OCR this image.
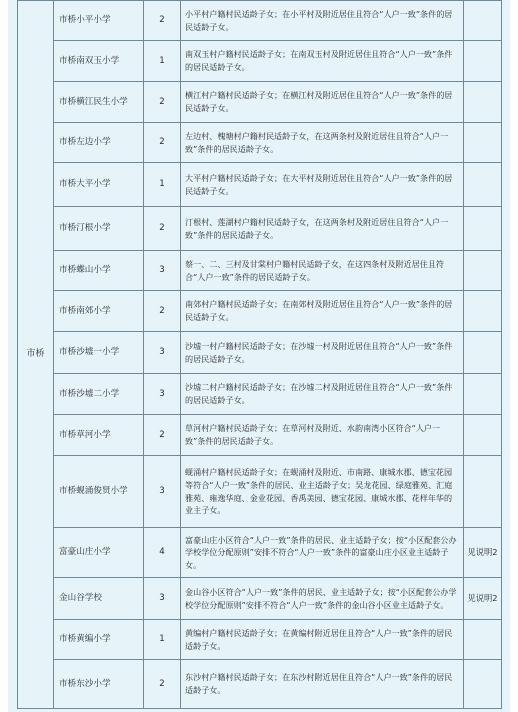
市桥	市桥小平小学	2	小平村户籍村民适龄子女；在小平村及附近居住且符合“人户一致”条件的居民适龄子女。	
	市桥南双玉小学	1	南双玉村户籍村民适龄子女；在南双玉村及附近居住且符合“人户一致”条件的居民适龄子女。	
	市桥横江民生小学	2	横江村户籍村民适龄子女；在横江村及附近居住且符合“人户一致”条件的居民适龄子女。	
	市桥左边小学	2	左边村、槐塘村户籍村民适龄子女，在这两条村及附近居住且符合“人户一致”条件的居民适龄子女。	
	市桥大平小学	1	大平村户籍村民适龄子女；在大平村及附近居住且符合“人户一致”条件的居民适龄子女。	
	市桥汀根小学	2	汀根村、莲湖村户籍村民适龄子女，在这两条村及附近居住且符合“人户一致”条件的居民适龄子女。	
	市桥蝶山小学	3	蔡一、二、三村及甘棠村户籍村民适龄子女，在这四条村及附近居住且符合“人户一致”条件的居民适龄子女。	
	市桥南郊小学	2	南郊村户籍村民适龄子女；在南郊村及附近居住且符合“人户一致”条件的居民适龄子女。	
	市桥沙墟一小学	3	沙墟一村户籍村民适龄子女；在沙墟一村及附近居住且符合“人户一致”条件的居民适龄子女。	
	市桥沙墟二小学	3	沙墟二村户籍村民适龄子女；在沙墟二村及附近居住且符合“人户一致”条件的居民适龄子女。	
	市桥草河小学	2	草河村户籍村民适龄子女；在草河村及附近、水韵南湾小区符合“人户一致”条件的居民适龄子女。	
	市桥蚬涌俊贤小学	3	蚬涌村户籍村民适龄子女；在蚬涌村及附近、市南路、康城水郡、德宝花园等符合“人户一致”条件的居民、业主适龄子女；吴龙花园、绿庭雅苑、汇庭雅苑、雍逸华庭、金业花园、香禹美园、德宝花园、康城水郡、花样年华的业主子女。	
	富豪山庄小学	4	富豪山庄小区符合“人户一致”条件的居民、业主适龄子女；按“小区配套公办学校学位分配原则”安排不符合“人户一致”条件的富豪山庄小区业主适龄子女。	见说明2
	金山谷学校	3	金山谷小区符合“人户一致”条件的居民、业主适龄子女；按“小区配套公办学校学位分配原则”安排不符合“人户一致”条件的金山谷小区业主适龄子女。	见说明2
	市桥黄编小学	1	黄编村户籍村民适龄子女；在黄编村附近居住且符合“人户一致”条件的居民适龄子女。	
	市桥东沙小学	2	东沙村户籍村民适龄子女；在东沙村附近居住且符合“人户一致”条件的居民适龄子女。	
